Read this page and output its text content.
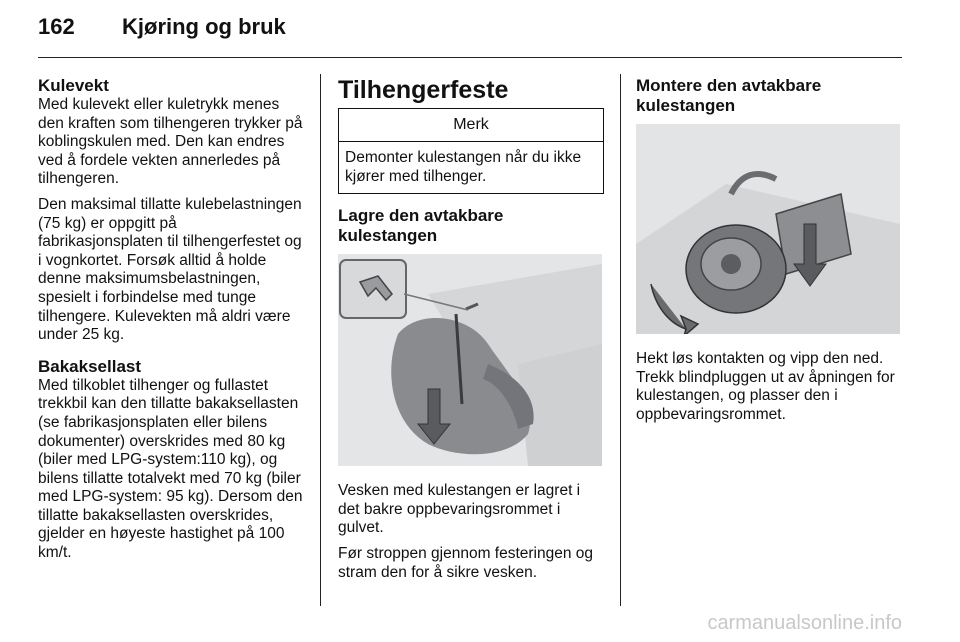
162 Kjøring og bruk
Kulevekt

Med kulevekt eller kuletrykk menes den kraften som tilhengeren trykker på koblingskulen med. Den kan endres ved å fordele vekten annerledes på tilhengeren.

Den maksimal tillatte kulebelastningen (75 kg) er oppgitt på fabrikasjonsplaten til tilhengerfestet og i vognkortet. Forsøk alltid å holde denne maksimumsbelastningen, spesielt i forbindelse med tunge tilhengere. Kulevekten må aldri være under 25 kg.

Bakaksellast

Med tilkoblet tilhenger og fullastet trekkbil kan den tillatte bakaksellasten (se fabrikasjonsplaten eller bilens dokumenter) overskrides med 80 kg (biler med LPG-system:110 kg), og bilens tillatte totalvekt med 70 kg (biler med LPG-system: 95 kg). Dersom den tillatte bakaksellasten overskrides, gjelder en høyeste hastighet på 100 km/t.

Tilhengerfeste
Merk
Demonter kulestangen når du ikke kjører med tilhenger.
Lagre den avtakbare kulestangen

Vesken med kulestangen er lagret i det bakre oppbevaringsrommet i gulvet.

Før stroppen gjennom festeringen og stram den for å sikre vesken.

Montere den avtakbare kulestangen

Hekt løs kontakten og vipp den ned. Trekk blindpluggen ut av åpningen for kulestangen, og plasser den i oppbevaringsrommet.

carmanualsonline.info
